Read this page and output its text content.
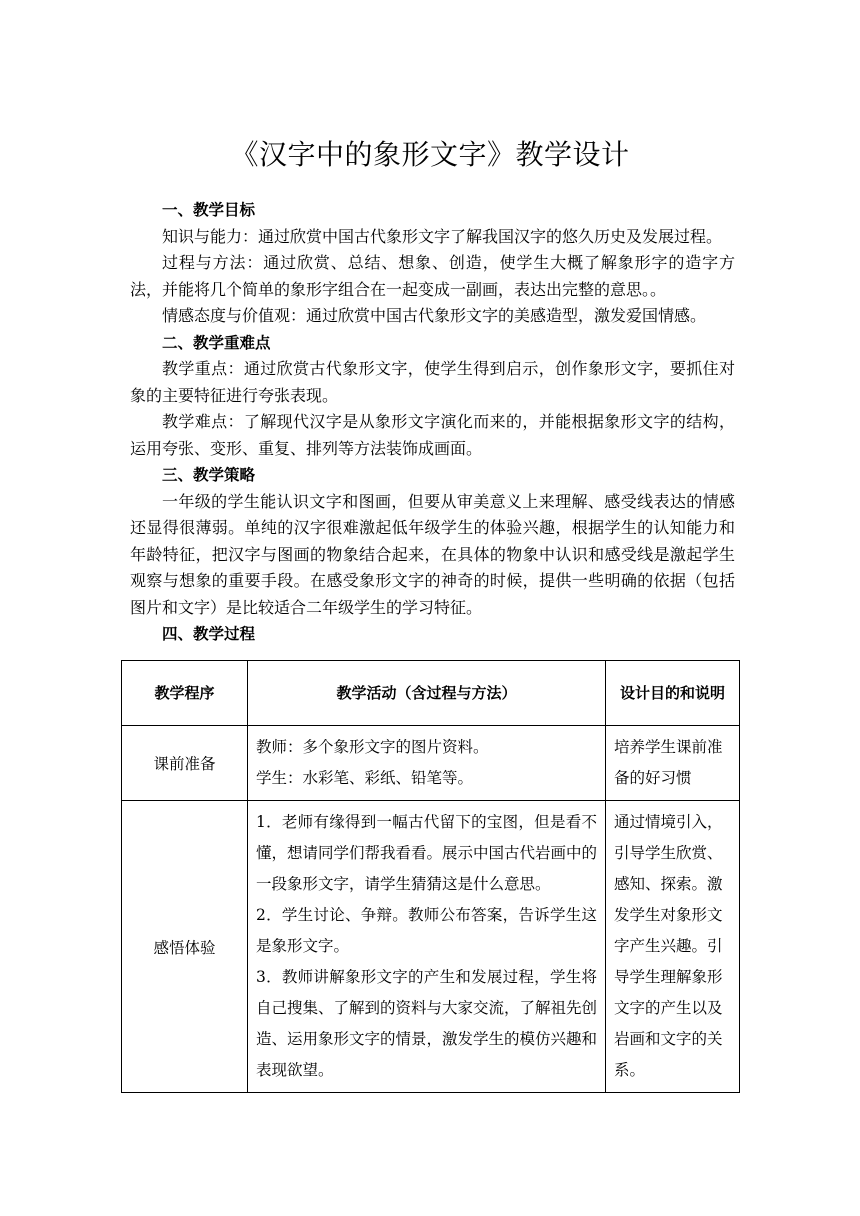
《汉字中的象形文字》教学设计
一、教学目标

知识与能力：通过欣赏中国古代象形文字了解我国汉字的悠久历史及发展过程。

过程与方法：通过欣赏、总结、想象、创造，使学生大概了解象形字的造字方法，并能将几个简单的象形字组合在一起变成一副画，表达出完整的意思。。

情感态度与价值观：通过欣赏中国古代象形文字的美感造型，激发爱国情感。

二、教学重难点

教学重点：通过欣赏古代象形文字，使学生得到启示，创作象形文字，要抓住对象的主要特征进行夸张表现。

教学难点：了解现代汉字是从象形文字演化而来的，并能根据象形文字的结构，运用夸张、变形、重复、排列等方法装饰成画面。

三、教学策略

一年级的学生能认识文字和图画，但要从审美意义上来理解、感受线表达的情感还显得很薄弱。单纯的汉字很难激起低年级学生的体验兴趣，根据学生的认知能力和年龄特征，把汉字与图画的物象结合起来，在具体的物象中认识和感受线是激起学生观察与想象的重要手段。在感受象形文字的神奇的时候，提供一些明确的依据（包括图片和文字）是比较适合二年级学生的学习特征。

四、教学过程
教学程序	教学活动（含过程与方法）	设计目的和说明
课前准备	教师：多个象形文字的图片资料。
学生：水彩笔、彩纸、铅笔等。	培养学生课前准备的好习惯
感悟体验	1．老师有缘得到一幅古代留下的宝图，但是看不懂，想请同学们帮我看看。展示中国古代岩画中的一段象形文字，请学生猜猜这是什么意思。
2．学生讨论、争辩。教师公布答案，告诉学生这是象形文字。
3．教师讲解象形文字的产生和发展过程，学生将自己搜集、了解到的资料与大家交流，了解祖先创造、运用象形文字的情景，激发学生的模仿兴趣和表现欲望。	通过情境引入，引导学生欣赏、感知、探索。激发学生对象形文字产生兴趣。引导学生理解象形文字的产生以及岩画和文字的关系。
